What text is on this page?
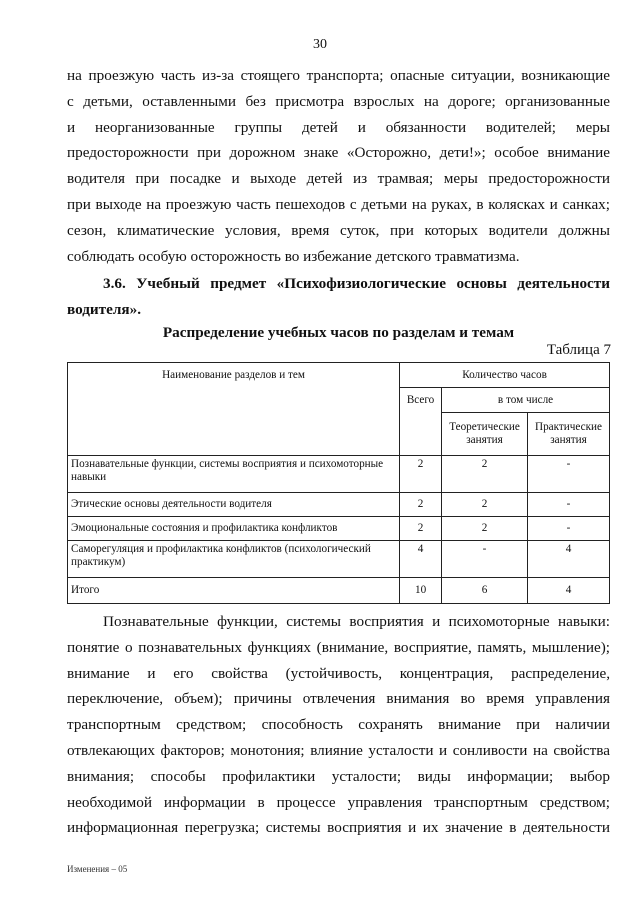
30
на проезжую часть из-за стоящего транспорта; опасные ситуации, возникающие
с детьми, оставленными без присмотра взрослых на дороге; организованные
и неорганизованные группы детей и обязанности водителей; меры
предосторожности при дорожном знаке «Осторожно, дети!»; особое внимание
водителя при посадке и выходе детей из трамвая; меры предосторожности
при выходе на проезжую часть пешеходов с детьми на руках, в колясках и санках;
сезон, климатические условия, время суток, при которых водители должны
соблюдать особую осторожность во избежание детского травматизма.
3.6. Учебный предмет «Психофизиологические основы деятельности
водителя».
Распределение учебных часов по разделам и темам
Таблица 7
Наименование разделов и тем	Количество часов		
	Всего	в том числе	
		Теоретические занятия	Практические занятия
Познавательные функции, системы восприятия и психомоторные навыки	2	2	-
Этические основы деятельности водителя	2	2	-
Эмоциональные состояния и профилактика конфликтов	2	2	-
Саморегуляция и профилактика конфликтов (психологический практикум)	4	-	4
Итого	10	6	4
Познавательные функции, системы восприятия и психомоторные навыки:
понятие о познавательных функциях (внимание, восприятие, память, мышление);
внимание и его свойства (устойчивость, концентрация, распределение,
переключение, объем); причины отвлечения внимания во время управления
транспортным средством; способность сохранять внимание при наличии
отвлекающих факторов; монотония; влияние усталости и сонливости на свойства
внимания; способы профилактики усталости; виды информации; выбор
необходимой информации в процессе управления транспортным средством;
информационная перегрузка; системы восприятия и их значение в деятельности
Изменения – 05
